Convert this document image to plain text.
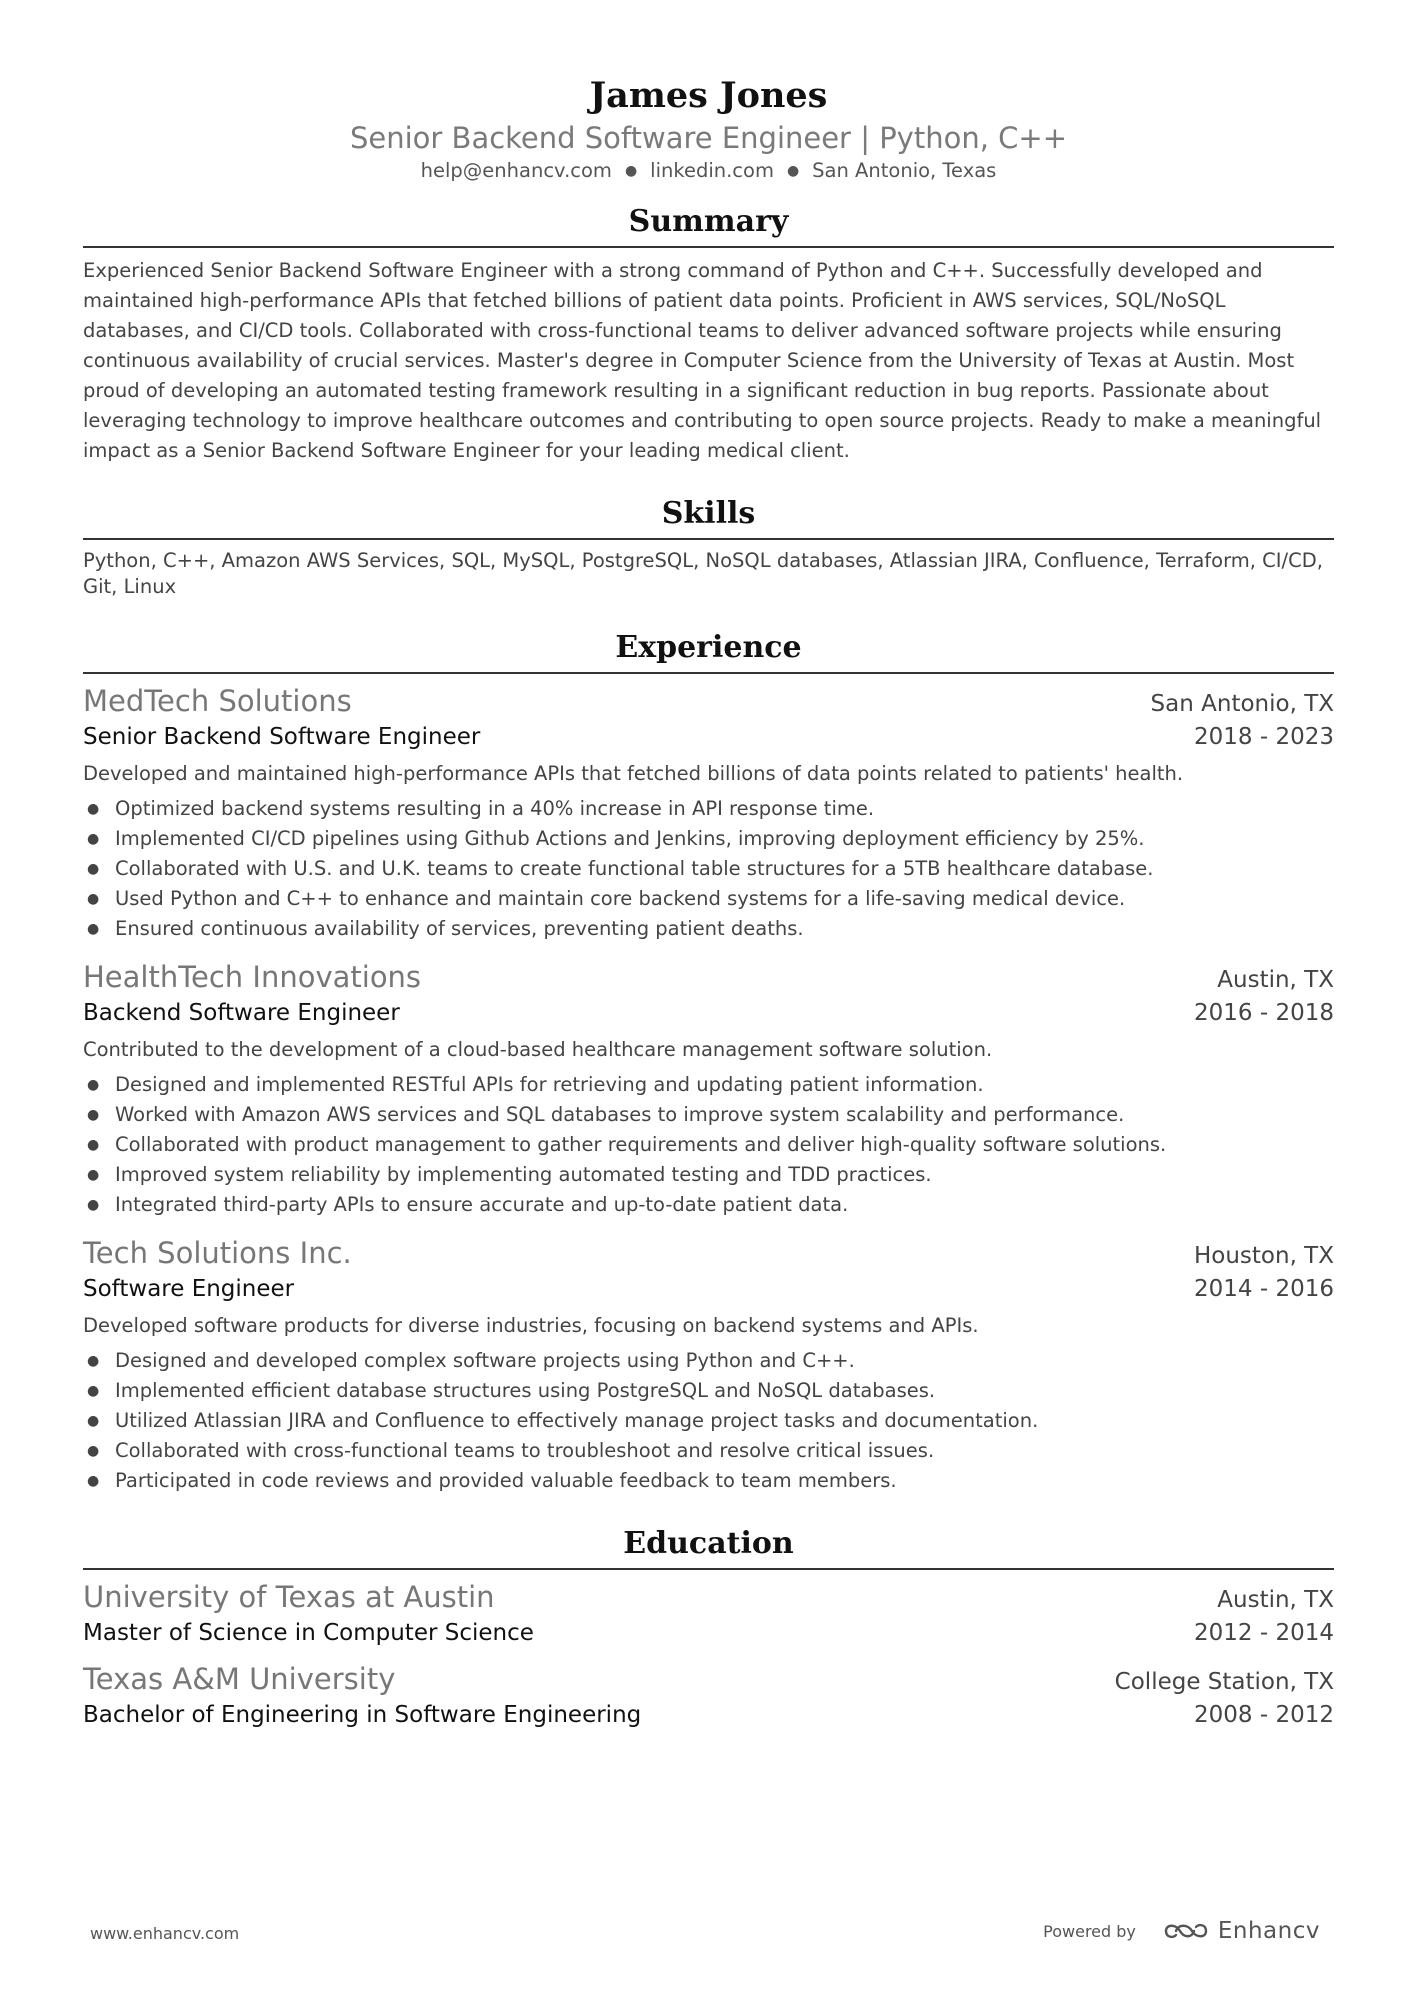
James Jones
Senior Backend Software Engineer | Python, C++
help@enhancv.com ● linkedin.com ● San Antonio, Texas
Summary

Experienced Senior Backend Software Engineer with a strong command of Python and C++. Successfully developed and maintained high-performance APIs that fetched billions of patient data points. Proficient in AWS services, SQL/NoSQL databases, and CI/CD tools. Collaborated with cross-functional teams to deliver advanced software projects while ensuring continuous availability of crucial services. Master's degree in Computer Science from the University of Texas at Austin. Most proud of developing an automated testing framework resulting in a significant reduction in bug reports. Passionate about leveraging technology to improve healthcare outcomes and contributing to open source projects. Ready to make a meaningful impact as a Senior Backend Software Engineer for your leading medical client.

Skills

Python, C++, Amazon AWS Services, SQL, MySQL, PostgreSQL, NoSQL databases, Atlassian JIRA, Confluence, Terraform, CI/CD, Git, Linux

Experience
MedTech Solutions	San Antonio, TX
Senior Backend Software Engineer	2018 - 2023
Developed and maintained high-performance APIs that fetched billions of data points related to patients' health.
● Optimized backend systems resulting in a 40% increase in API response time.
● Implemented CI/CD pipelines using Github Actions and Jenkins, improving deployment efficiency by 25%.
● Collaborated with U.S. and U.K. teams to create functional table structures for a 5TB healthcare database.
● Used Python and C++ to enhance and maintain core backend systems for a life-saving medical device.
● Ensured continuous availability of services, preventing patient deaths.
HealthTech Innovations	Austin, TX
Backend Software Engineer	2016 - 2018
Contributed to the development of a cloud-based healthcare management software solution.
● Designed and implemented RESTful APIs for retrieving and updating patient information.
● Worked with Amazon AWS services and SQL databases to improve system scalability and performance.
● Collaborated with product management to gather requirements and deliver high-quality software solutions.
● Improved system reliability by implementing automated testing and TDD practices.
● Integrated third-party APIs to ensure accurate and up-to-date patient data.
Tech Solutions Inc.	Houston, TX
Software Engineer	2014 - 2016
Developed software products for diverse industries, focusing on backend systems and APIs.
● Designed and developed complex software projects using Python and C++.
● Implemented efficient database structures using PostgreSQL and NoSQL databases.
● Utilized Atlassian JIRA and Confluence to effectively manage project tasks and documentation.
● Collaborated with cross-functional teams to troubleshoot and resolve critical issues.
● Participated in code reviews and provided valuable feedback to team members.
Education
University of Texas at Austin	Austin, TX
Master of Science in Computer Science	2012 - 2014
Texas A&M University	College Station, TX
Bachelor of Engineering in Software Engineering	2008 - 2012
www.enhancv.com	Powered by	Enhancv
